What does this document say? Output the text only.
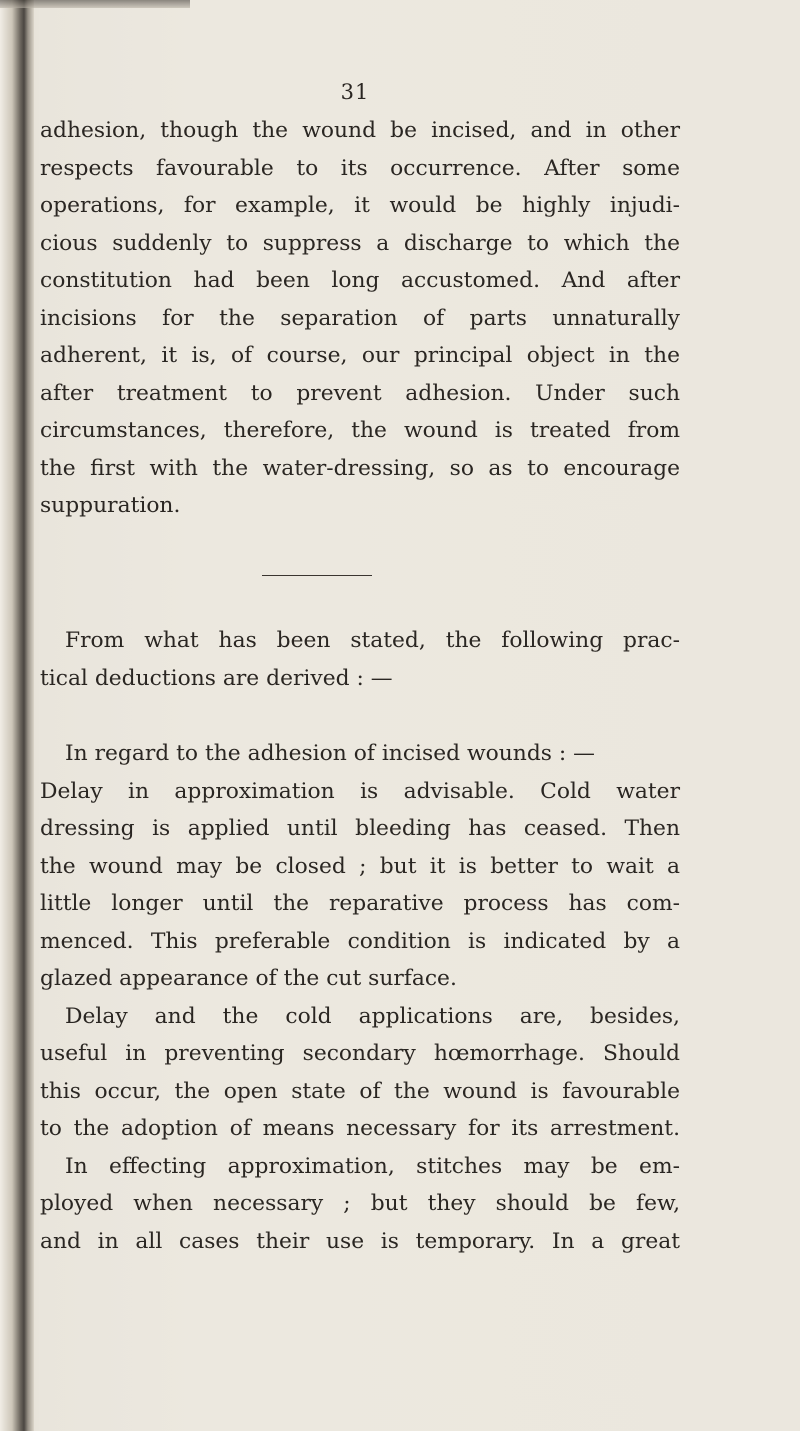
31
adhesion, though the wound be incised, and in other
respects favourable to its occurrence. After some
operations, for example, it would be highly injudi-
cious suddenly to suppress a discharge to which the
constitution had been long accustomed. And after
incisions for the separation of parts unnaturally
adherent, it is, of course, our principal object in the
after treatment to prevent adhesion. Under such
circumstances, therefore, the wound is treated from
the first with the water-dressing, so as to encourage
suppuration.
From what has been stated, the following prac-
tical deductions are derived : —
In regard to the adhesion of incised wounds : —
Delay in approximation is advisable. Cold water
dressing is applied until bleeding has ceased. Then
the wound may be closed ; but it is better to wait a
little longer until the reparative process has com-
menced. This preferable condition is indicated by a
glazed appearance of the cut surface.
Delay and the cold applications are, besides,
useful in preventing secondary hœmorrhage. Should
this occur, the open state of the wound is favourable
to the adoption of means necessary for its arrestment.
In effecting approximation, stitches may be em-
ployed when necessary ; but they should be few,
and in all cases their use is temporary. In a great
